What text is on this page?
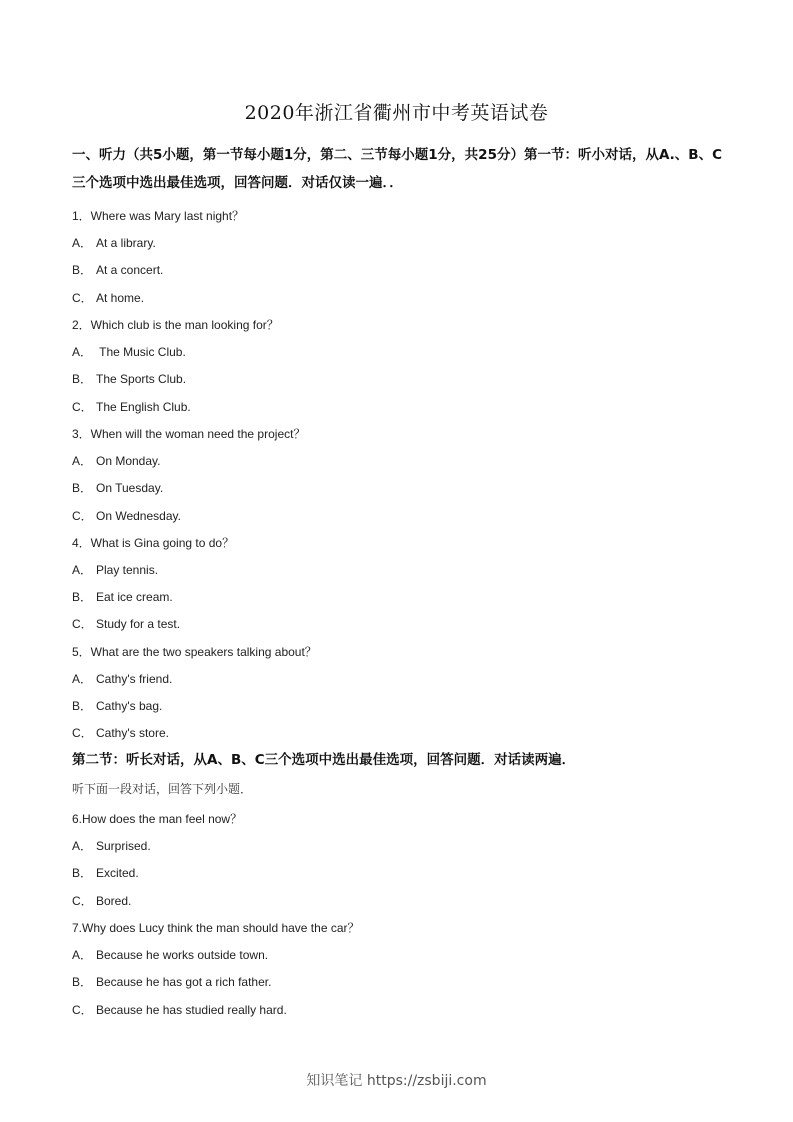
2020年浙江省衢州市中考英语试卷
一、听力（共5小题，第一节每小题1分，第二、三节每小题1分，共25分）第一节：听小对话，从A.、B、C三个选项中选出最佳选项，回答问题．对话仅读一遍．．
1．Where was Mary last night？
A． At a library.
B． At a concert.
C． At home.
2．Which club is the man looking for？
A． The Music Club.
B． The Sports Club.
C． The English Club.
3．When will the woman need the project？
A． On Monday.
B． On Tuesday.
C． On Wednesday.
4．What is Gina going to do？
A． Play tennis.
B． Eat ice cream.
C． Study for a test.
5．What are the two speakers talking about？
A． Cathy's friend.
B． Cathy's bag.
C． Cathy's store.
第二节：听长对话，从A、B、C三个选项中选出最佳选项，回答问题．对话读两遍．
听下面一段对话，回答下列小题．
6.How does the man feel now？
A． Surprised.
B． Excited.
C． Bored.
7.Why does Lucy think the man should have the car？
A． Because he works outside town.
B． Because he has got a rich father.
C． Because he has studied really hard.
知识笔记 https://zsbiji.com
